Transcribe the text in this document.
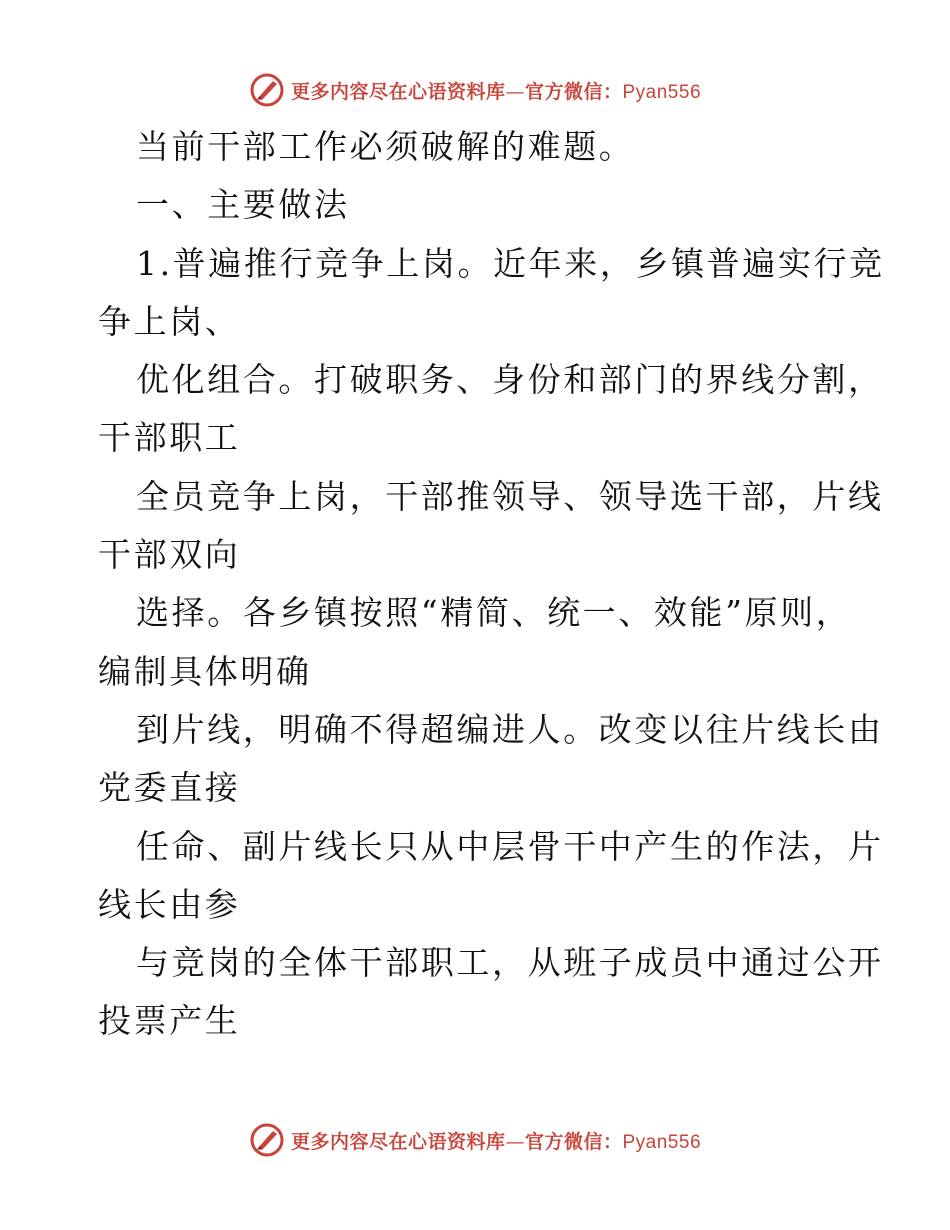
更多内容尽在心语资料库—官方微信：Pyan556
当前干部工作必须破解的难题。
一、主要做法
1.普遍推行竞争上岗。近年来，乡镇普遍实行竞
争上岗、
优化组合。打破职务、身份和部门的界线分割，
干部职工
全员竞争上岗，干部推领导、领导选干部，片线
干部双向
选择。各乡镇按照“精简、统一、效能”原则，
编制具体明确
到片线，明确不得超编进人。改变以往片线长由
党委直接
任命、副片线长只从中层骨干中产生的作法，片
线长由参
与竞岗的全体干部职工，从班子成员中通过公开
投票产生
更多内容尽在心语资料库—官方微信：Pyan556
